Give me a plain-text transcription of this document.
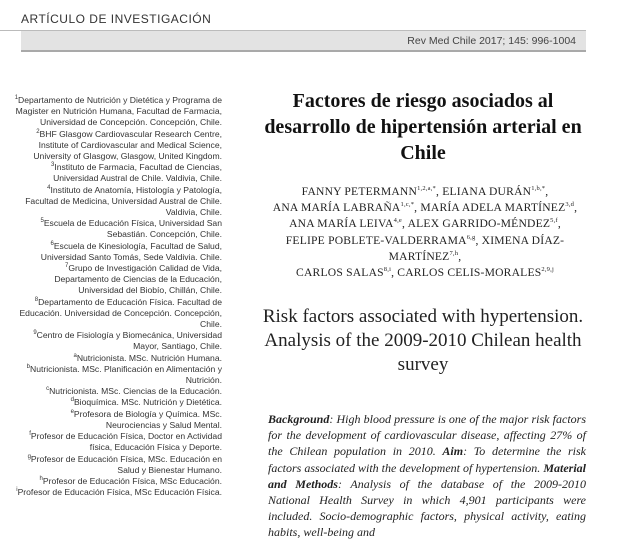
ARTÍCULO DE INVESTIGACIÓN
Rev Med Chile 2017; 145: 996-1004

$^1$Departamento de Nutrición y Dietética y Programa de Magister en Nutrición Humana, Facultad de Farmacia, Universidad de Concepción. Concepción, Chile.

$^2$BHF Glasgow Cardiovascular Research Centre, Institute of Cardiovascular and Medical Science, University of Glasgow, Glasgow, United Kingdom.

$^3$Instituto de Farmacia, Facultad de Ciencias, Universidad Austral de Chile. Valdivia, Chile.

$^4$Instituto de Anatomía, Histología y Patología, Facultad de Medicina, Universidad Austral de Chile. Valdivia, Chile.

$^5$Escuela de Educación Física, Universidad San Sebastián. Concepción, Chile.

$^6$Escuela de Kinesiología, Facultad de Salud, Universidad Santo Tomás, Sede Valdivia. Chile.

$^7$Grupo de Investigación Calidad de Vida, Departamento de Ciencias de la Educación, Universidad del Biobío, Chillán, Chile.

$^8$Departamento de Educación Física. Facultad de Educación. Universidad de Concepción. Concepción, Chile.

$^9$Centro de Fisiología y Biomecánica, Universidad Mayor, Santiago, Chile.

$^a$Nutricionista. MSc. Nutrición Humana.

$^b$Nutricionista. MSc. Planificación en Alimentación y Nutrición.

$^c$Nutricionista. MSc. Ciencias de la Educación.

$^d$Bioquímica. MSc. Nutrición y Dietética.

$^e$Profesora de Biología y Química. MSc. Neurociencias y Salud Mental.

$^f$Profesor de Educación Física, Doctor en Actividad física, Educación Física y Deporte.

$^g$Profesor de Educación Física, MSc. Educación en Salud y Bienestar Humano.

$^h$Profesor de Educación Física, MSc Educación.

$^i$Profesor de Educación Física, MSc Educación Física.

Factores de riesgo asociados al desarrollo de hipertensión arterial en Chile
FANNY $PETERMANN^{1,2,a,*}$, ELIANA $DURÁN^{1,b,*}$,
ANA MARÍA $LABRAÑA^{1,c,*}$, MARÍA ADELA MARTÍNEZ$^{3,d}$,
ANA MARÍA LEIVA$^{4,e}$, ALEX GARRIDO-MÉNDEZ$^{5,f}$,
FELIPE POBLETE-VALDERRAMA$^{6,g}$, XIMENA DÍAZ-MARTÍNEZ$^{7,h}$,
CARLOS SALAS$^{8,i}$, CARLOS CELIS-MORALES$^{2,9,j}$
Risk factors associated with hypertension. Analysis of the 2009-2010 Chilean health survey
Background: High blood pressure is one of the major risk factors for the development of cardiovascular disease, affecting 27% of the Chilean population in 2010. Aim: To determine the risk factors associated with the development of hypertension. Material and Methods: Analysis of the database of the 2009-2010 National Health Survey in which 4,901 participants were included. Socio-demographic factors, physical activity, eating habits, well-being and
